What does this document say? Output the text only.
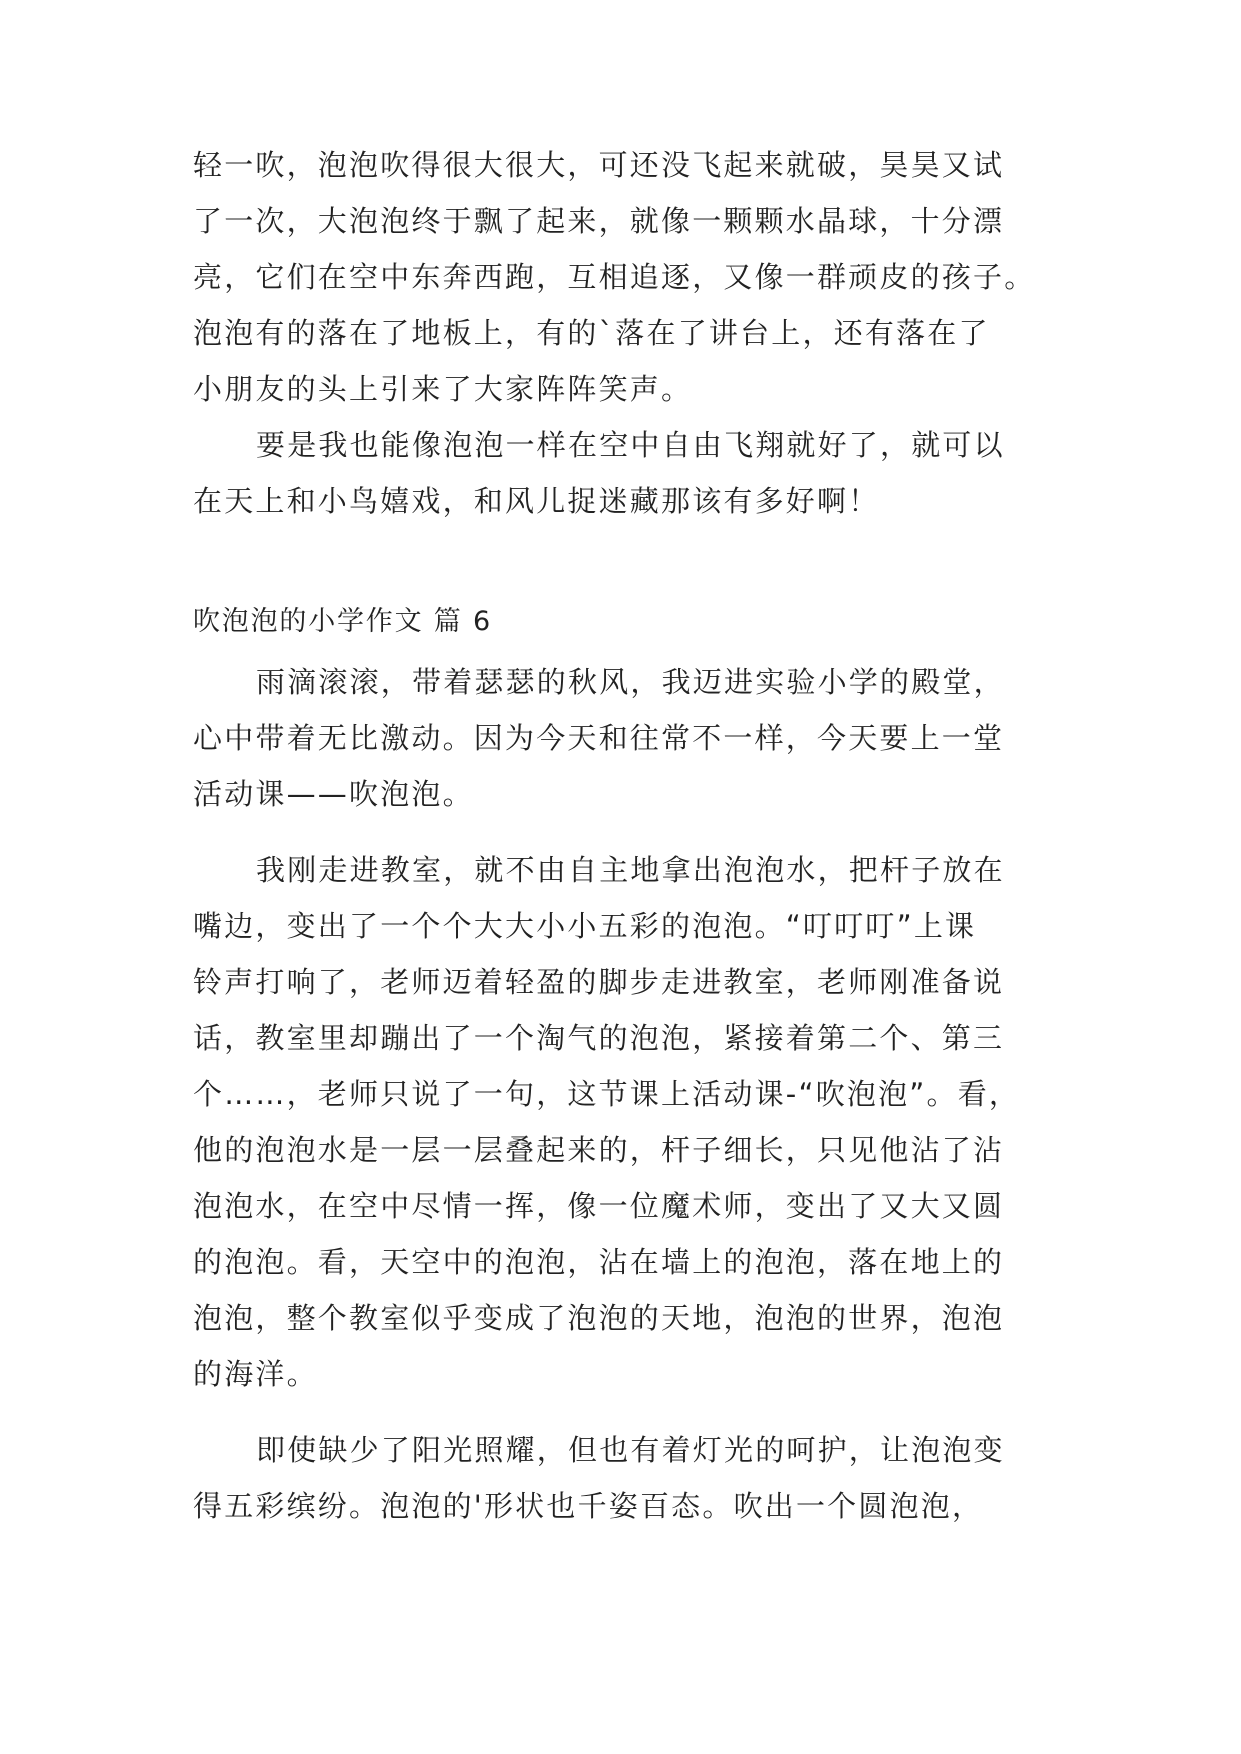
轻一吹，泡泡吹得很大很大，可还没飞起来就破，昊昊又试
了一次，大泡泡终于飘了起来，就像一颗颗水晶球，十分漂
亮，它们在空中东奔西跑，互相追逐，又像一群顽皮的孩子。
泡泡有的落在了地板上，有的`落在了讲台上，还有落在了
小朋友的头上引来了大家阵阵笑声。
要是我也能像泡泡一样在空中自由飞翔就好了，就可以
在天上和小鸟嬉戏，和风儿捉迷藏那该有多好啊！
吹泡泡的小学作文 篇 6
雨滴滚滚，带着瑟瑟的秋风，我迈进实验小学的殿堂，
心中带着无比激动。因为今天和往常不一样，今天要上一堂
活动课——吹泡泡。
我刚走进教室，就不由自主地拿出泡泡水，把杆子放在
嘴边，变出了一个个大大小小五彩的泡泡。“叮叮叮”上课
铃声打响了，老师迈着轻盈的脚步走进教室，老师刚准备说
话，教室里却蹦出了一个淘气的泡泡，紧接着第二个、第三
个……，老师只说了一句，这节课上活动课-“吹泡泡”。看，
他的泡泡水是一层一层叠起来的，杆子细长，只见他沾了沾
泡泡水，在空中尽情一挥，像一位魔术师，变出了又大又圆
的泡泡。看，天空中的泡泡，沾在墙上的泡泡，落在地上的
泡泡，整个教室似乎变成了泡泡的天地，泡泡的世界，泡泡
的海洋。
即使缺少了阳光照耀，但也有着灯光的呵护，让泡泡变
得五彩缤纷。泡泡的'形状也千姿百态。吹出一个圆泡泡，
